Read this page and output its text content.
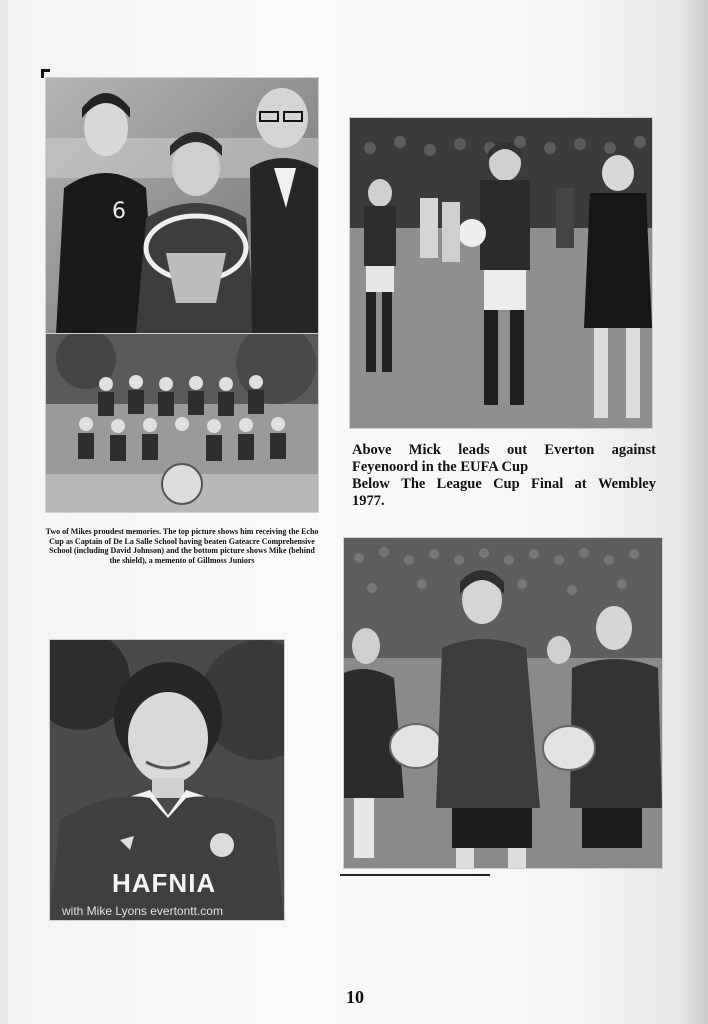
6
Two of Mikes proudest memories. The top picture shows him receiving the Echo Cup as Captain of De La Salle School having beaten Gateacre Comprehensive School (including David Johnson) and the bottom picture shows Mike (behind the shield), a memento of Gillmoss Juniors
Above Mick leads out Everton against
Feyenoord in the EUFA Cup
Below The League Cup Final at Wembley
1977.
HAFNIA
with Mike Lyons evertontt.com
10
